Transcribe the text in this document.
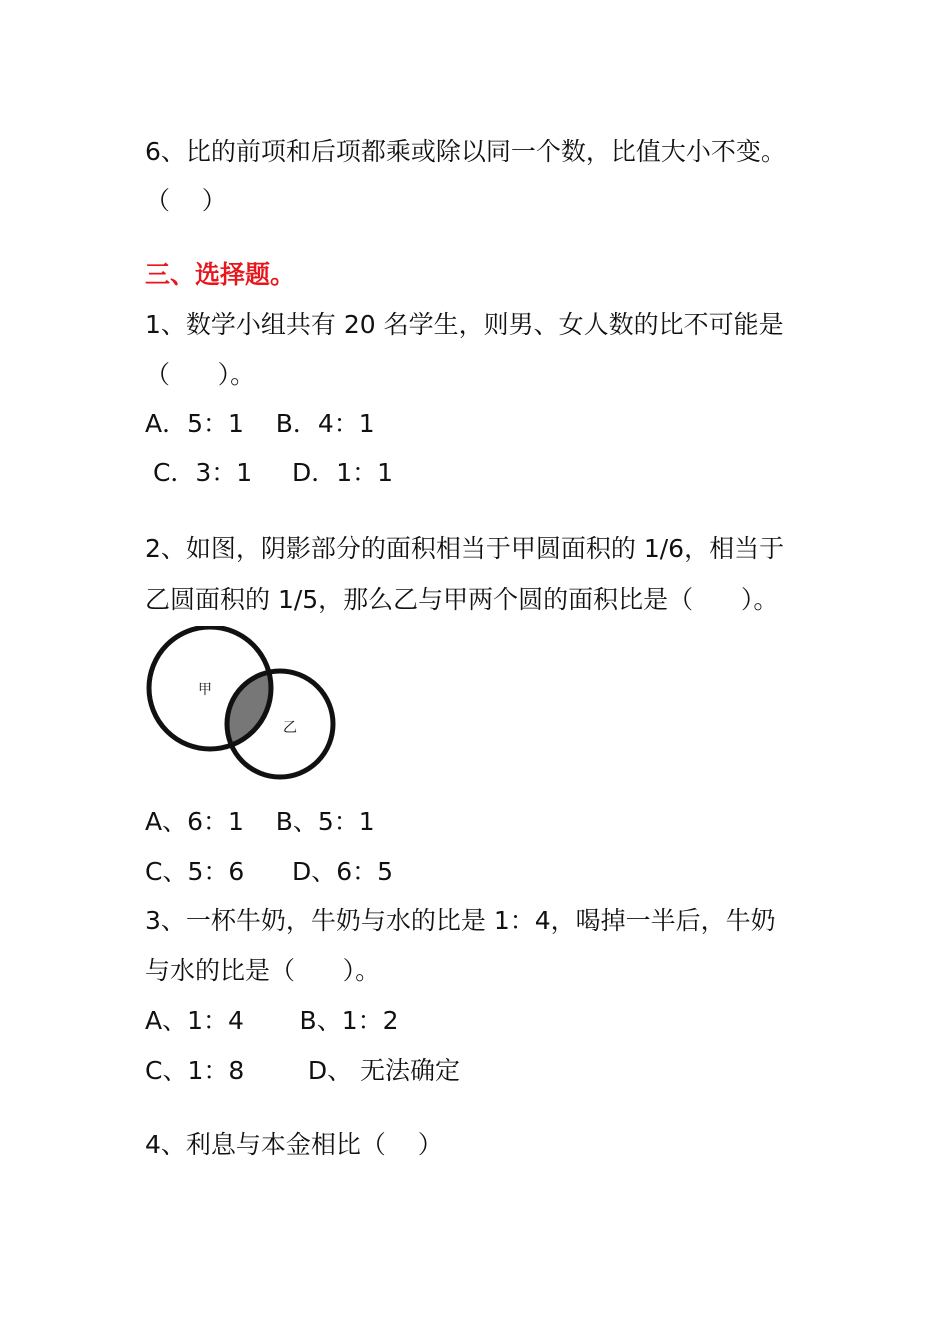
6、比的前项和后项都乘或除以同一个数，比值大小不变。
（    ）
三、选择题。
1、数学小组共有 20 名学生，则男、女人数的比不可能是
（      ）。
A．5：1    B．4：1
C．3：1     D．1：1
2、如图，阴影部分的面积相当于甲圆面积的 1/6，相当于
乙圆面积的 1/5，那么乙与甲两个圆的面积比是（      ）。
甲
乙
A、6：1    B、5：1
C、5：6      D、6：5
3、一杯牛奶，牛奶与水的比是 1：4，喝掉一半后，牛奶
与水的比是（      ）。
A、1：4       B、1：2
C、1：8        D、 无法确定
4、利息与本金相比（    ）
